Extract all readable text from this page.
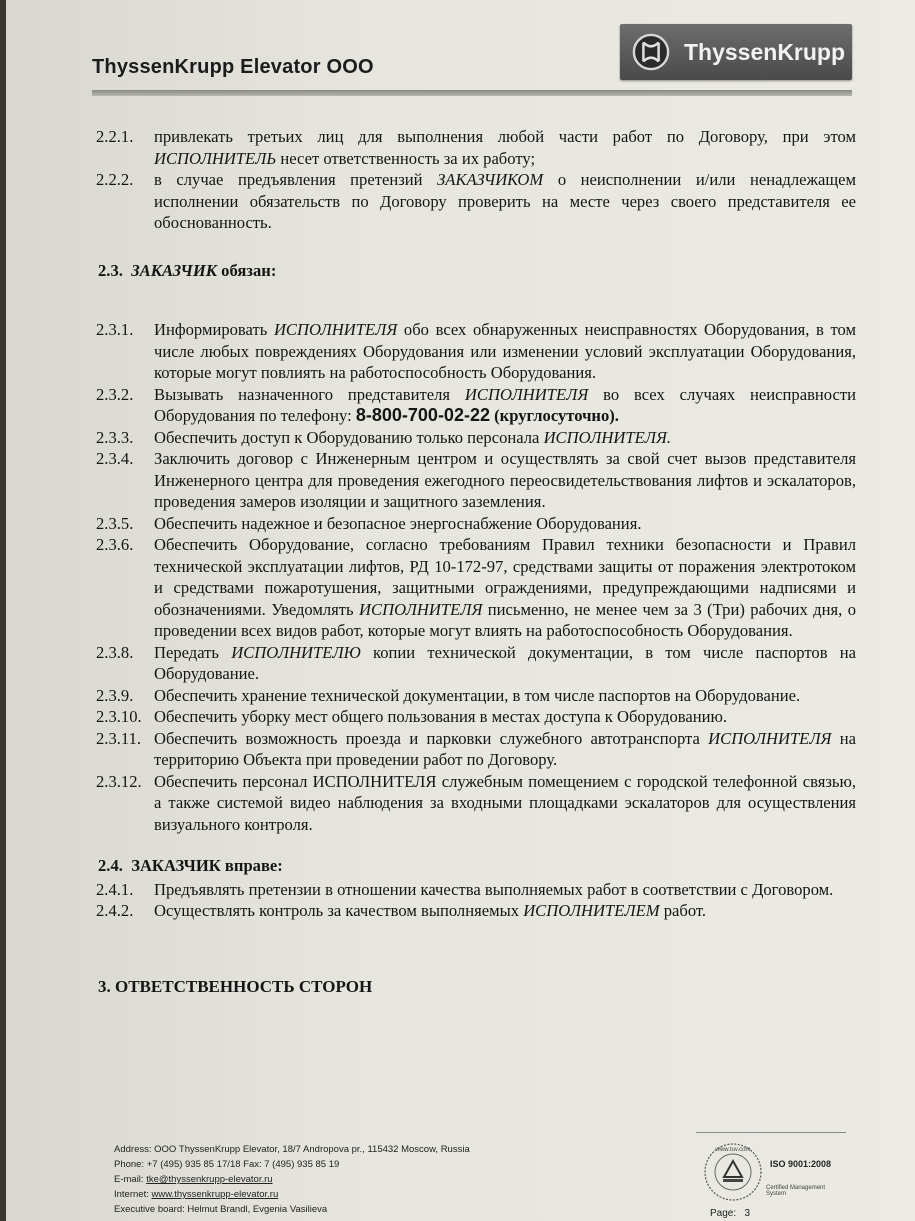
ThyssenKrupp Elevator ООО
ThyssenKrupp
2.2.1.	привлекать третьих лиц для выполнения любой части работ по Договору, при этом ИСПОЛНИТЕЛЬ несет ответственность за их работу;
2.2.2.	в случае предъявления претензий ЗАКАЗЧИКОМ о неисполнении и/или ненадлежащем исполнении обязательств по Договору проверить на месте через своего представителя ее обоснованность.
2.3. ЗАКАЗЧИК обязан:
2.3.1.	Информировать ИСПОЛНИТЕЛЯ обо всех обнаруженных неисправностях Оборудования, в том числе любых повреждениях Оборудования или изменении условий эксплуатации Оборудования, которые могут повлиять на работоспособность Оборудования.
2.3.2.	Вызывать назначенного представителя ИСПОЛНИТЕЛЯ во всех случаях неисправности Оборудования по телефону: 8-800-700-02-22 (круглосуточно).
2.3.3.	Обеспечить доступ к Оборудованию только персонала ИСПОЛНИТЕЛЯ.
2.3.4.	Заключить договор с Инженерным центром и осуществлять за свой счет вызов представителя Инженерного центра для проведения ежегодного переосвидетельствования лифтов и эскалаторов, проведения замеров изоляции и защитного заземления.
2.3.5.	Обеспечить надежное и безопасное энергоснабжение Оборудования.
2.3.6.	Обеспечить Оборудование, согласно требованиям Правил техники безопасности и Правил технической эксплуатации лифтов, РД 10-172-97, средствами защиты от поражения электротоком и средствами пожаротушения, защитными ограждениями, предупреждающими надписями и обозначениями. Уведомлять ИСПОЛНИТЕЛЯ письменно, не менее чем за 3 (Три) рабочих дня, о проведении всех видов работ, которые могут влиять на работоспособность Оборудования.
2.3.8.	Передать ИСПОЛНИТЕЛЮ копии технической документации, в том числе паспортов на Оборудование.
2.3.9.	Обеспечить хранение технической документации, в том числе паспортов на Оборудование.
2.3.10. Обеспечить уборку мест общего пользования в местах доступа к Оборудованию.
2.3.11. Обеспечить возможность проезда и парковки служебного автотранспорта ИСПОЛНИТЕЛЯ на территорию Объекта при проведении работ по Договору.
2.3.12. Обеспечить персонал ИСПОЛНИТЕЛЯ служебным помещением с городской телефонной связью, а также системой видео наблюдения за входными площадками эскалаторов для осуществления визуального контроля.
2.4. ЗАКАЗЧИК вправе:
2.4.1.	Предъявлять претензии в отношении качества выполняемых работ в соответствии с Договором.
2.4.2.	Осуществлять контроль за качеством выполняемых ИСПОЛНИТЕЛЕМ работ.
3. ОТВЕТСТВЕННОСТЬ СТОРОН
Address: ООО ThyssenKrupp Elevator, 18/7 Andropova pr., 115432 Moscow, Russia
Phone: +7 (495) 935 85 17/18 Fax: 7 (495) 935 85 19
E-mail: tke@thyssenkrupp-elevator.ru
Internet: www.thyssenkrupp-elevator.ru
Executive board: Helmut Brandl, Evgenia Vasilieva
www.tuv.com
ISO 9001:2008
Certified Management System
Page: 3
